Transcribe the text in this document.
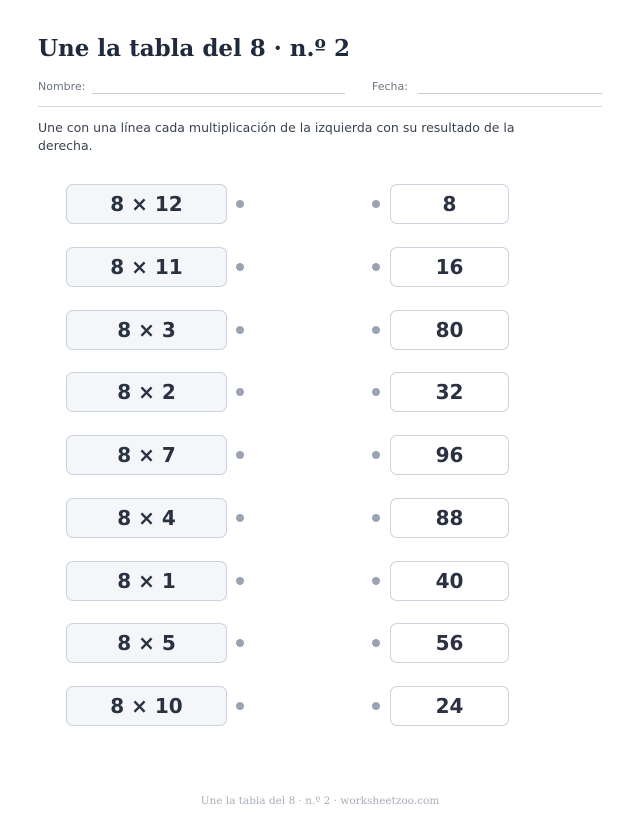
Une la tabla del 8 · n.º 2
Nombre:	Fecha:

Une con una línea cada multiplicación de la izquierda con su resultado de la derecha.

8 × 12
8 × 11
8 × 3
8 × 2
8 × 7
8 × 4
8 × 1
8 × 5
8 × 10
8
16
80
32
96
88
40
56
24
Une la tabla del 8 · n.º 2 · worksheetzoo.com
